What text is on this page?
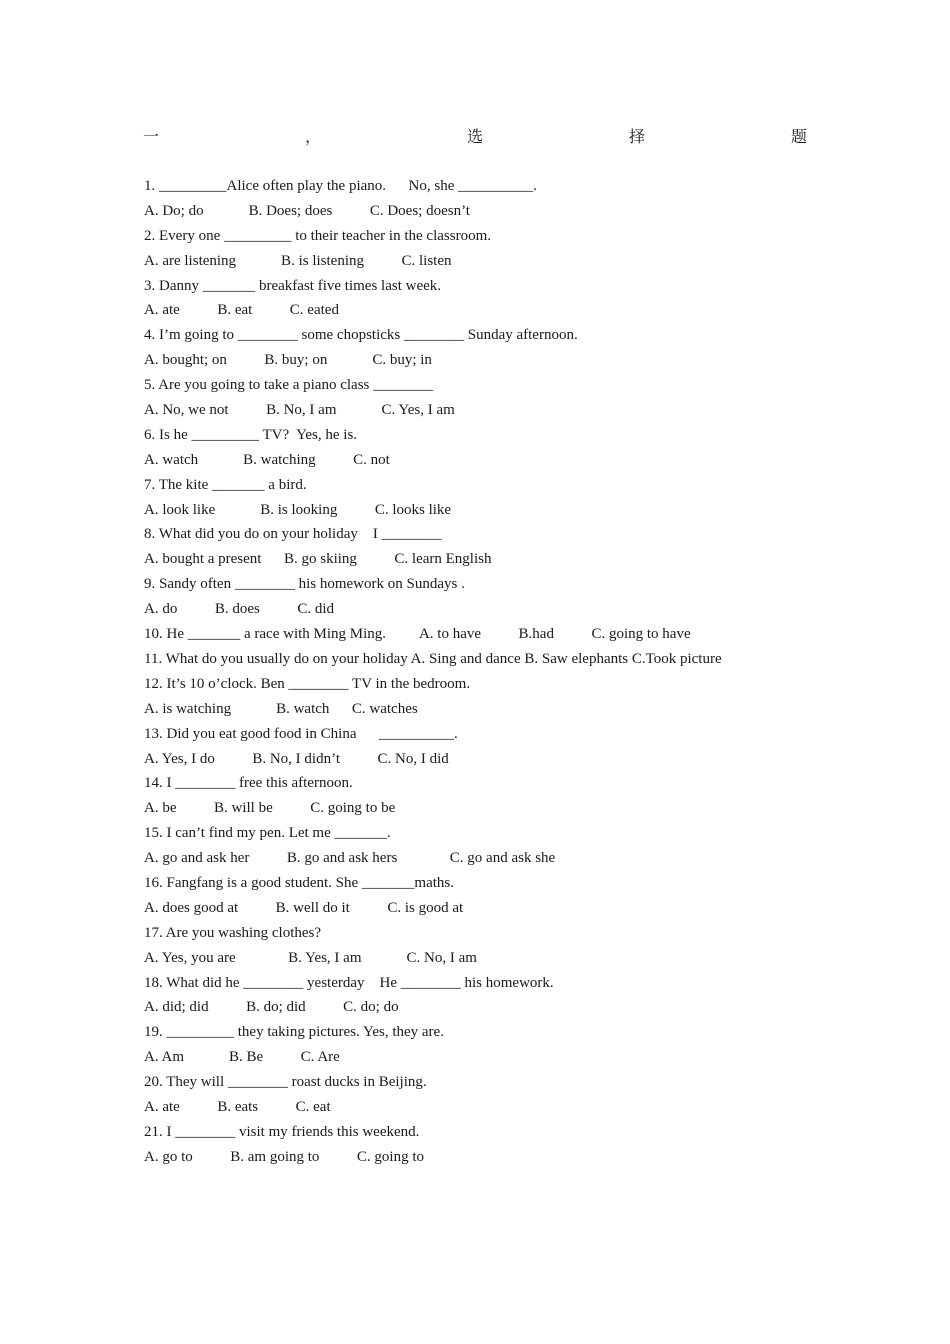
一	，	选	择	题
1. _________Alice often play the piano.      No, she __________.
A. Do; do            B. Does; does          C. Does; doesn’t
2. Every one _________ to their teacher in the classroom.
A. are listening            B. is listening          C. listen
3. Danny _______ breakfast five times last week.
A. ate          B. eat          C. eated
4. I’m going to ________ some chopsticks ________ Sunday afternoon.
A. bought; on          B. buy; on            C. buy; in
5. Are you going to take a piano class ________
A. No, we not          B. No, I am            C. Yes, I am
6. Is he _________ TV?  Yes, he is.
A. watch            B. watching          C. not
7. The kite _______ a bird.
A. look like            B. is looking          C. looks like
8. What did you do on your holiday    I ________
A. bought a present      B. go skiing          C. learn English
9. Sandy often ________ his homework on Sundays .
A. do          B. does          C. did
10. He _______ a race with Ming Ming.         A. to have          B.had          C. going to have
11. What do you usually do on your holiday A. Sing and dance B. Saw elephants C.Took picture
12. It’s 10 o’clock. Ben ________ TV in the bedroom.
A. is watching            B. watch      C. watches
13. Did you eat good food in China      __________.
A. Yes, I do          B. No, I didn’t          C. No, I did
14. I ________ free this afternoon.
A. be          B. will be          C. going to be
15. I can’t find my pen. Let me _______.
A. go and ask her          B. go and ask hers              C. go and ask she
16. Fangfang is a good student. She _______maths.
A. does good at          B. well do it          C. is good at
17. Are you washing clothes?
A. Yes, you are              B. Yes, I am            C. No, I am
18. What did he ________ yesterday    He ________ his homework.
A. did; did          B. do; did          C. do; do
19. _________ they taking pictures. Yes, they are.
A. Am            B. Be          C. Are
20. They will ________ roast ducks in Beijing.
A. ate          B. eats          C. eat
21. I ________ visit my friends this weekend.
A. go to          B. am going to          C. going to
